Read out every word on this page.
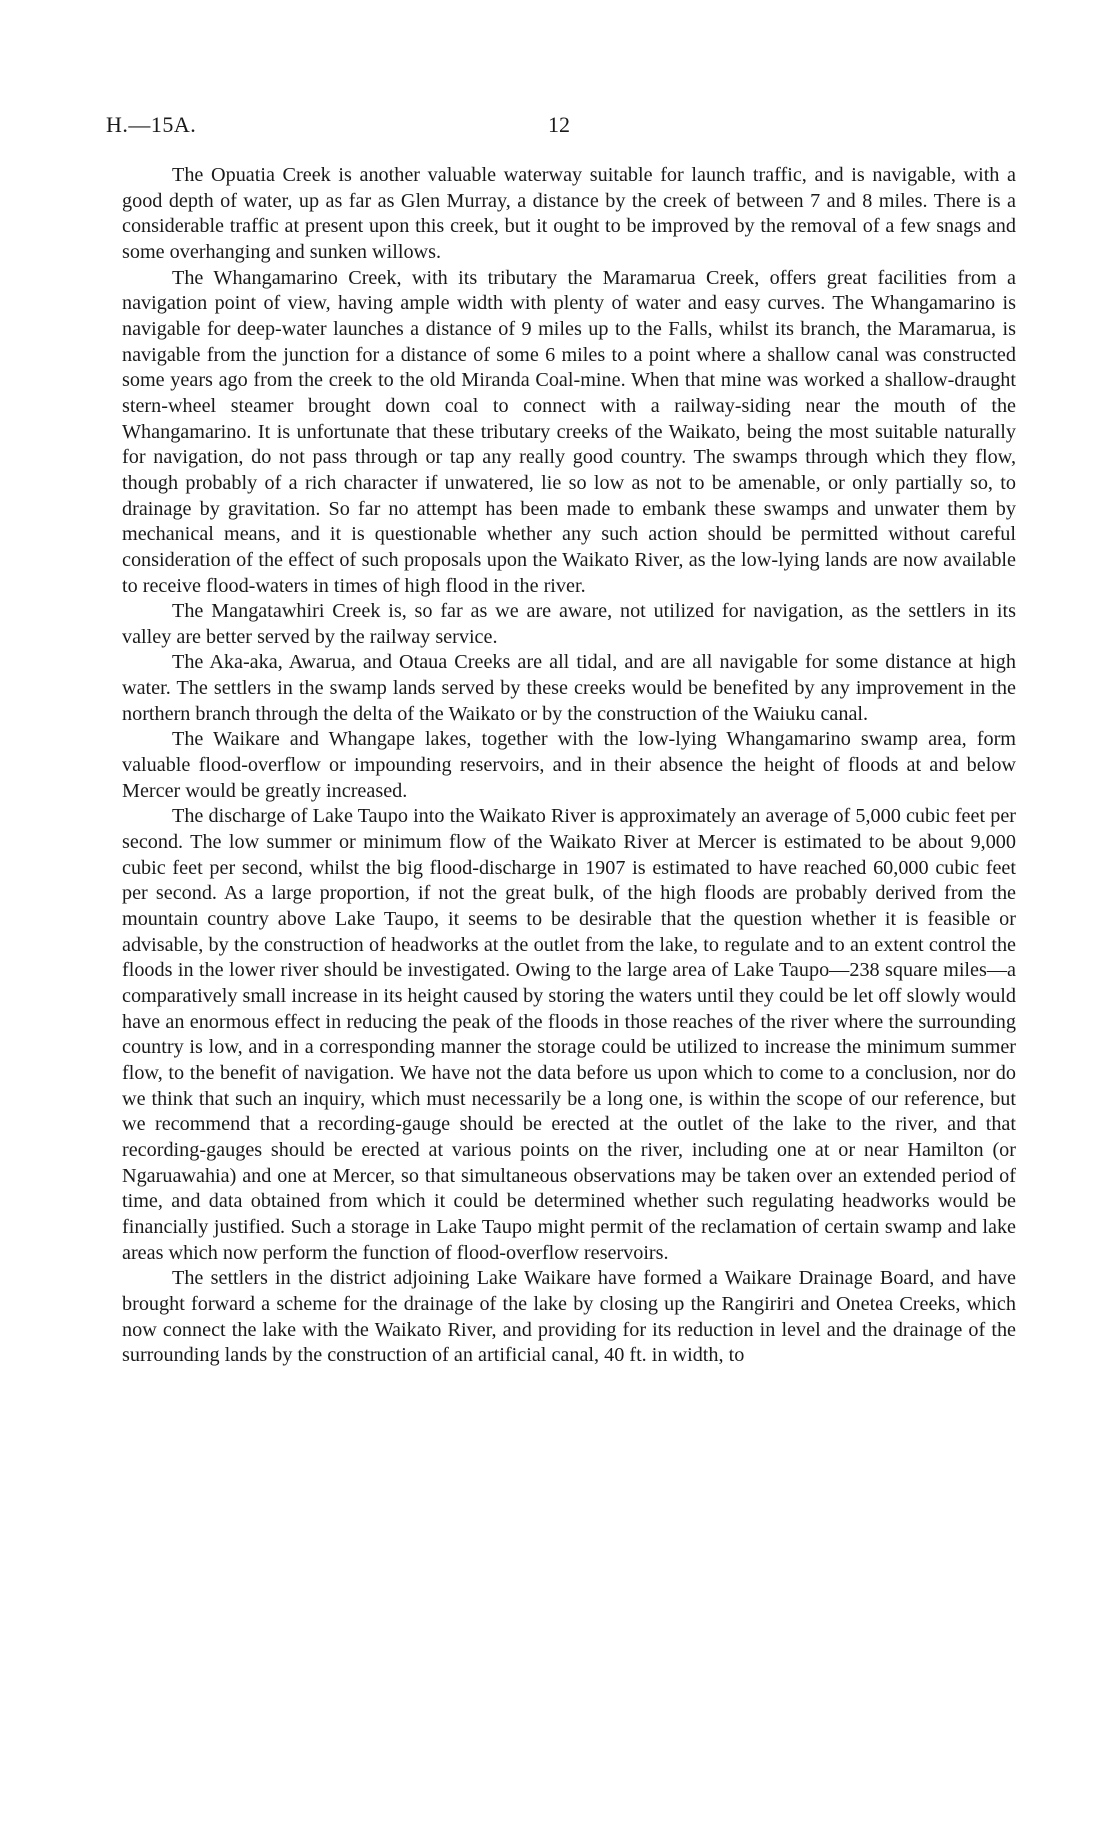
H.—15A.	12

The Opuatia Creek is another valuable waterway suitable for launch traffic, and is navigable, with a good depth of water, up as far as Glen Murray, a distance by the creek of between 7 and 8 miles. There is a considerable traffic at present upon this creek, but it ought to be improved by the removal of a few snags and some overhanging and sunken willows.

The Whangamarino Creek, with its tributary the Maramarua Creek, offers great facilities from a navigation point of view, having ample width with plenty of water and easy curves. The Whangamarino is navigable for deep-water launches a distance of 9 miles up to the Falls, whilst its branch, the Maramarua, is navigable from the junction for a distance of some 6 miles to a point where a shallow canal was constructed some years ago from the creek to the old Miranda Coal-mine. When that mine was worked a shallow-draught stern-wheel steamer brought down coal to connect with a railway-siding near the mouth of the Whangamarino. It is unfortunate that these tributary creeks of the Waikato, being the most suitable naturally for navigation, do not pass through or tap any really good country. The swamps through which they flow, though probably of a rich character if unwatered, lie so low as not to be amenable, or only partially so, to drainage by gravitation. So far no attempt has been made to embank these swamps and unwater them by mechanical means, and it is questionable whether any such action should be permitted without careful consideration of the effect of such proposals upon the Waikato River, as the low-lying lands are now available to receive flood-waters in times of high flood in the river.

The Mangatawhiri Creek is, so far as we are aware, not utilized for navigation, as the settlers in its valley are better served by the railway service.

The Aka-aka, Awarua, and Otaua Creeks are all tidal, and are all navigable for some distance at high water. The settlers in the swamp lands served by these creeks would be benefited by any improvement in the northern branch through the delta of the Waikato or by the construction of the Waiuku canal.

The Waikare and Whangape lakes, together with the low-lying Whangamarino swamp area, form valuable flood-overflow or impounding reservoirs, and in their absence the height of floods at and below Mercer would be greatly increased.

The discharge of Lake Taupo into the Waikato River is approximately an average of 5,000 cubic feet per second. The low summer or minimum flow of the Waikato River at Mercer is estimated to be about 9,000 cubic feet per second, whilst the big flood-discharge in 1907 is estimated to have reached 60,000 cubic feet per second. As a large proportion, if not the great bulk, of the high floods are probably derived from the mountain country above Lake Taupo, it seems to be desirable that the question whether it is feasible or advisable, by the construction of headworks at the outlet from the lake, to regulate and to an extent control the floods in the lower river should be investigated. Owing to the large area of Lake Taupo—238 square miles—a comparatively small increase in its height caused by storing the waters until they could be let off slowly would have an enormous effect in reducing the peak of the floods in those reaches of the river where the surrounding country is low, and in a corresponding manner the storage could be utilized to increase the minimum summer flow, to the benefit of navigation. We have not the data before us upon which to come to a conclusion, nor do we think that such an inquiry, which must necessarily be a long one, is within the scope of our reference, but we recommend that a recording-gauge should be erected at the outlet of the lake to the river, and that recording-gauges should be erected at various points on the river, including one at or near Hamilton (or Ngaruawahia) and one at Mercer, so that simultaneous observations may be taken over an extended period of time, and data obtained from which it could be determined whether such regulating headworks would be financially justified. Such a storage in Lake Taupo might permit of the reclamation of certain swamp and lake areas which now perform the function of flood-overflow reservoirs.

The settlers in the district adjoining Lake Waikare have formed a Waikare Drainage Board, and have brought forward a scheme for the drainage of the lake by closing up the Rangiriri and Onetea Creeks, which now connect the lake with the Waikato River, and providing for its reduction in level and the drainage of the surrounding lands by the construction of an artificial canal, 40 ft. in width, to
